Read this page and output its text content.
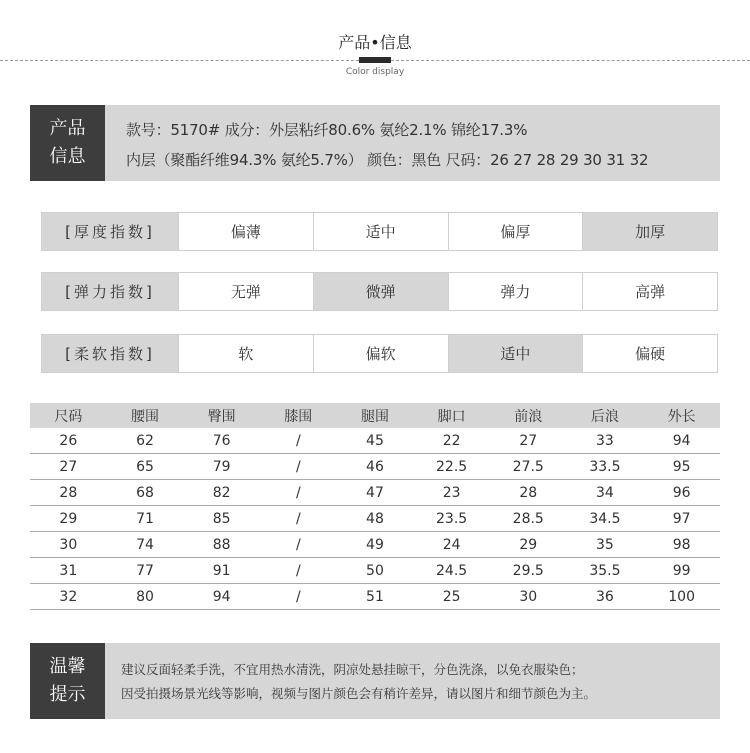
产品•信息
Color display
产品
信息
款号：5170# 成分：外层粘纤80.6% 氨纶2.1% 锦纶17.3%
内层（聚酯纤维94.3% 氨纶5.7%） 颜色：黑色 尺码：26 27 28 29 30 31 32
[厚度指数]	偏薄	适中	偏厚	加厚
[弹力指数]	无弹	微弹	弹力	高弹
[柔软指数]	软	偏软	适中	偏硬
尺码	腰围	臀围	膝围	腿围	脚口	前浪	后浪	外长
26	62	76	/	45	22	27	33	94
27	65	79	/	46	22.5	27.5	33.5	95
28	68	82	/	47	23	28	34	96
29	71	85	/	48	23.5	28.5	34.5	97
30	74	88	/	49	24	29	35	98
31	77	91	/	50	24.5	29.5	35.5	99
32	80	94	/	51	25	30	36	100
温馨
提示
建议反面轻柔手洗，不宜用热水清洗，阴凉处悬挂晾干，分色洗涤，以免衣服染色；
因受拍摄场景光线等影响，视频与图片颜色会有稍许差异，请以图片和细节颜色为主。
